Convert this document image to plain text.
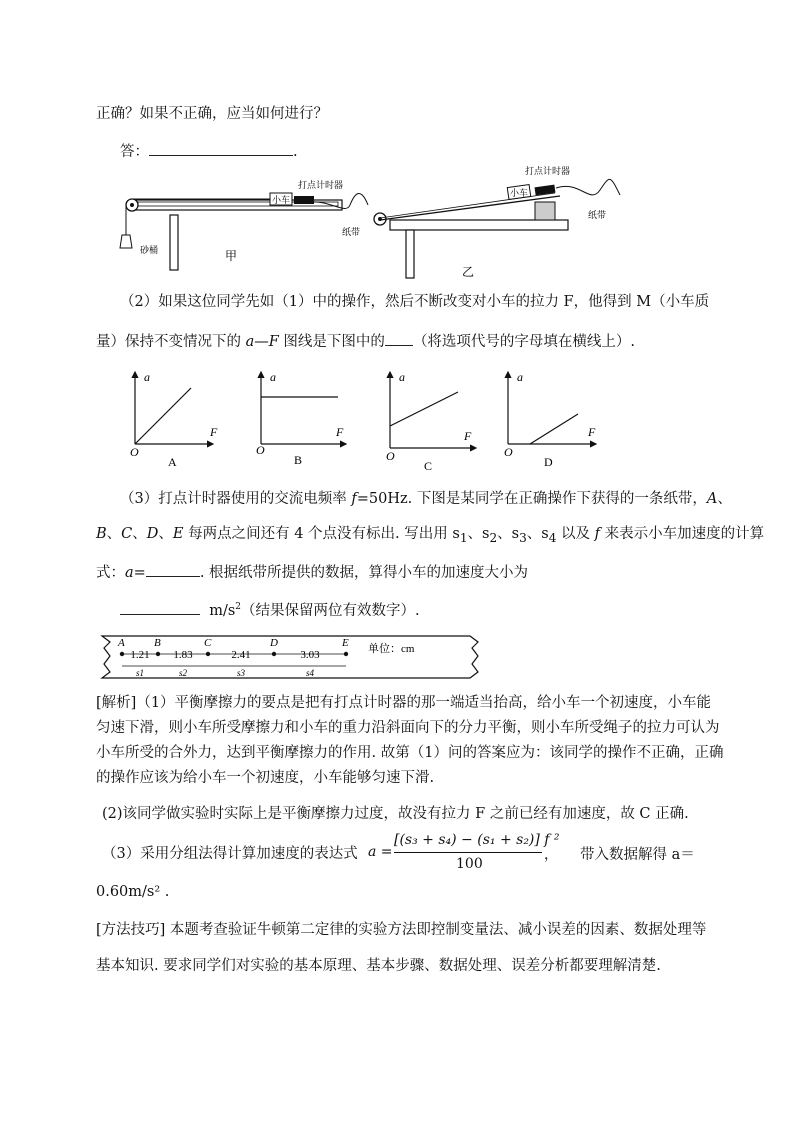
正确？如果不正确，应当如何进行？
答：	.
小车
打点计时器
砂桶
纸带
甲
小车
打点计时器
纸带
乙
（2）如果这位同学先如（1）中的操作，然后不断改变对小车的拉力 F，他得到 M（小车质
量）保持不变情况下的 a—F 图线是下图中的 （将选项代号的字母填在横线上）.
a
F
O
A
a
F
O
B
a
F
O
C
a
F
O
D
（3）打点计时器使用的交流电频率 f=50Hz. 下图是某同学在正确操作下获得的一条纸带，A、
B、C、D、E 每两点之间还有 4 个点没有标出. 写出用 $s_1$、$s_2$、$s_3$、$s_4$ 以及 f 来表示小车加速度的计算
式：a=	. 根据纸带所提供的数据，算得小车的加速度大小为
$m/s^2$（结果保留两位有效数字）.
A	B	C	D	E
1.21
s1
1.83
s2
2.41
s3
3.03
s4
单位：cm
[解析]（1）平衡摩擦力的要点是把有打点计时器的那一端适当抬高，给小车一个初速度，小车能
匀速下滑，则小车所受摩擦力和小车的重力沿斜面向下的分力平衡，则小车所受绳子的拉力可认为
小车所受的合外力，达到平衡摩擦力的作用. 故第（1）问的答案应为：该同学的操作不正确，正确
的操作应该为给小车一个初速度，小车能够匀速下滑.
(2)该同学做实验时实际上是平衡摩擦力过度，故没有拉力 F 之前已经有加速度，故 C 正确.
（3）采用分组法得计算加速度的表达式 a =
[(s₃ + s₄) − (s₁ + s₂)] f ²
100
， 带入数据解得 a＝
0.60m/s² .
[方法技巧] 本题考查验证牛顿第二定律的实验方法即控制变量法、减小误差的因素、数据处理等
基本知识. 要求同学们对实验的基本原理、基本步骤、数据处理、误差分析都要理解清楚.
